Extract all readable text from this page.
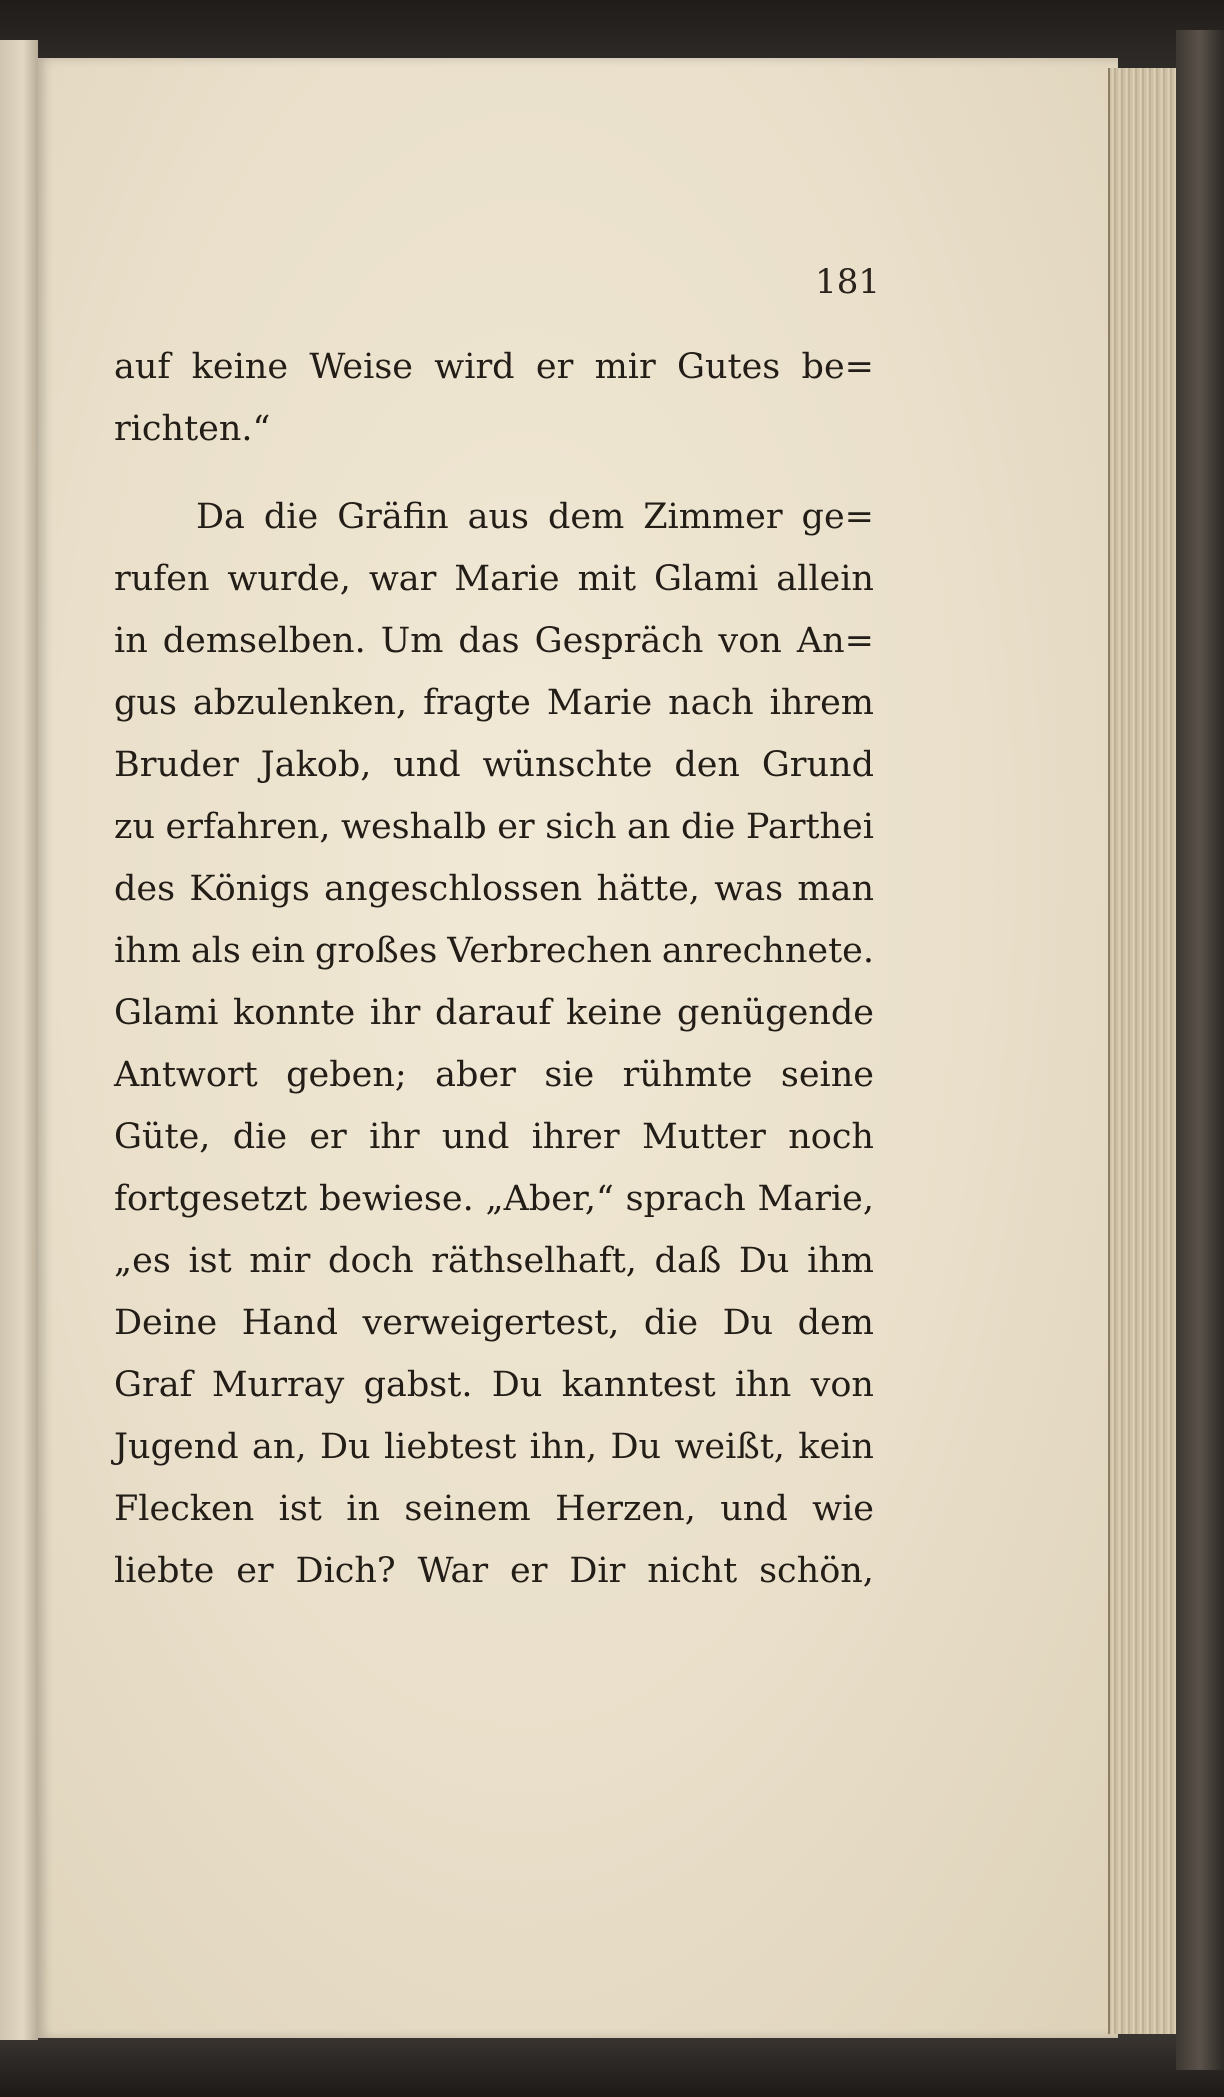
181
auf keine Weise wird er mir Gutes be=
richten.“
Da die Gräfin aus dem Zimmer ge=
rufen wurde, war Marie mit Glami allein
in demselben. Um das Gespräch von An=
gus abzulenken, fragte Marie nach ihrem
Bruder Jakob, und wünschte den Grund
zu erfahren, weshalb er sich an die Parthei
des Königs angeschlossen hätte, was man
ihm als ein großes Verbrechen anrechnete.
Glami konnte ihr darauf keine genügende
Antwort geben; aber sie rühmte seine
Güte, die er ihr und ihrer Mutter noch
fortgesetzt bewiese. „Aber,“ sprach Marie,
„es ist mir doch räthselhaft, daß Du ihm
Deine Hand verweigertest, die Du dem
Graf Murray gabst. Du kanntest ihn von
Jugend an, Du liebtest ihn, Du weißt, kein
Flecken ist in seinem Herzen, und wie
liebte er Dich? War er Dir nicht schön,
